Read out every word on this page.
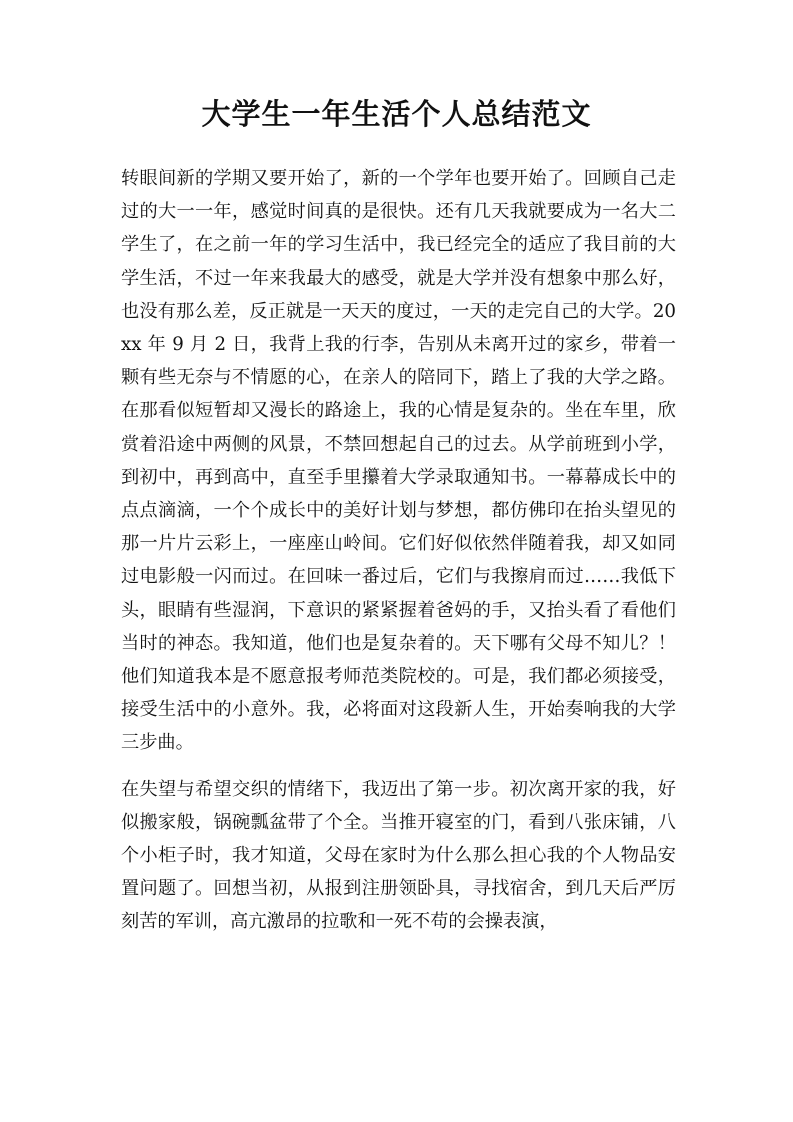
大学生一年生活个人总结范文

转眼间新的学期又要开始了，新的一个学年也要开始了。回顾自己走过的大一一年，感觉时间真的是很快。还有几天我就要成为一名大二学生了，在之前一年的学习生活中，我已经完全的适应了我目前的大学生活，不过一年来我最大的感受，就是大学并没有想象中那么好，也没有那么差，反正就是一天天的度过，一天的走完自己的大学。20xx 年 9 月 2 日，我背上我的行李，告别从未离开过的家乡，带着一颗有些无奈与不情愿的心，在亲人的陪同下，踏上了我的大学之路。在那看似短暂却又漫长的路途上，我的心情是复杂的。坐在车里，欣赏着沿途中两侧的风景，不禁回想起自己的过去。从学前班到小学，到初中，再到高中，直至手里攥着大学录取通知书。一幕幕成长中的点点滴滴，一个个成长中的美好计划与梦想，都仿佛印在抬头望见的那一片片云彩上，一座座山岭间。它们好似依然伴随着我，却又如同过电影般一闪而过。在回味一番过后，它们与我擦肩而过……我低下头，眼睛有些湿润，下意识的紧紧握着爸妈的手，又抬头看了看他们当时的神态。我知道，他们也是复杂着的。天下哪有父母不知儿？！他们知道我本是不愿意报考师范类院校的。可是，我们都必须接受，接受生活中的小意外。我，必将面对这段新人生，开始奏响我的大学三步曲。

在失望与希望交织的情绪下，我迈出了第一步。初次离开家的我，好似搬家般，锅碗瓢盆带了个全。当推开寝室的门，看到八张床铺，八个小柜子时，我才知道，父母在家时为什么那么担心我的个人物品安置问题了。回想当初，从报到注册领卧具，寻找宿舍，到几天后严厉刻苦的军训，高亢激昂的拉歌和一死不苟的会操表演，
